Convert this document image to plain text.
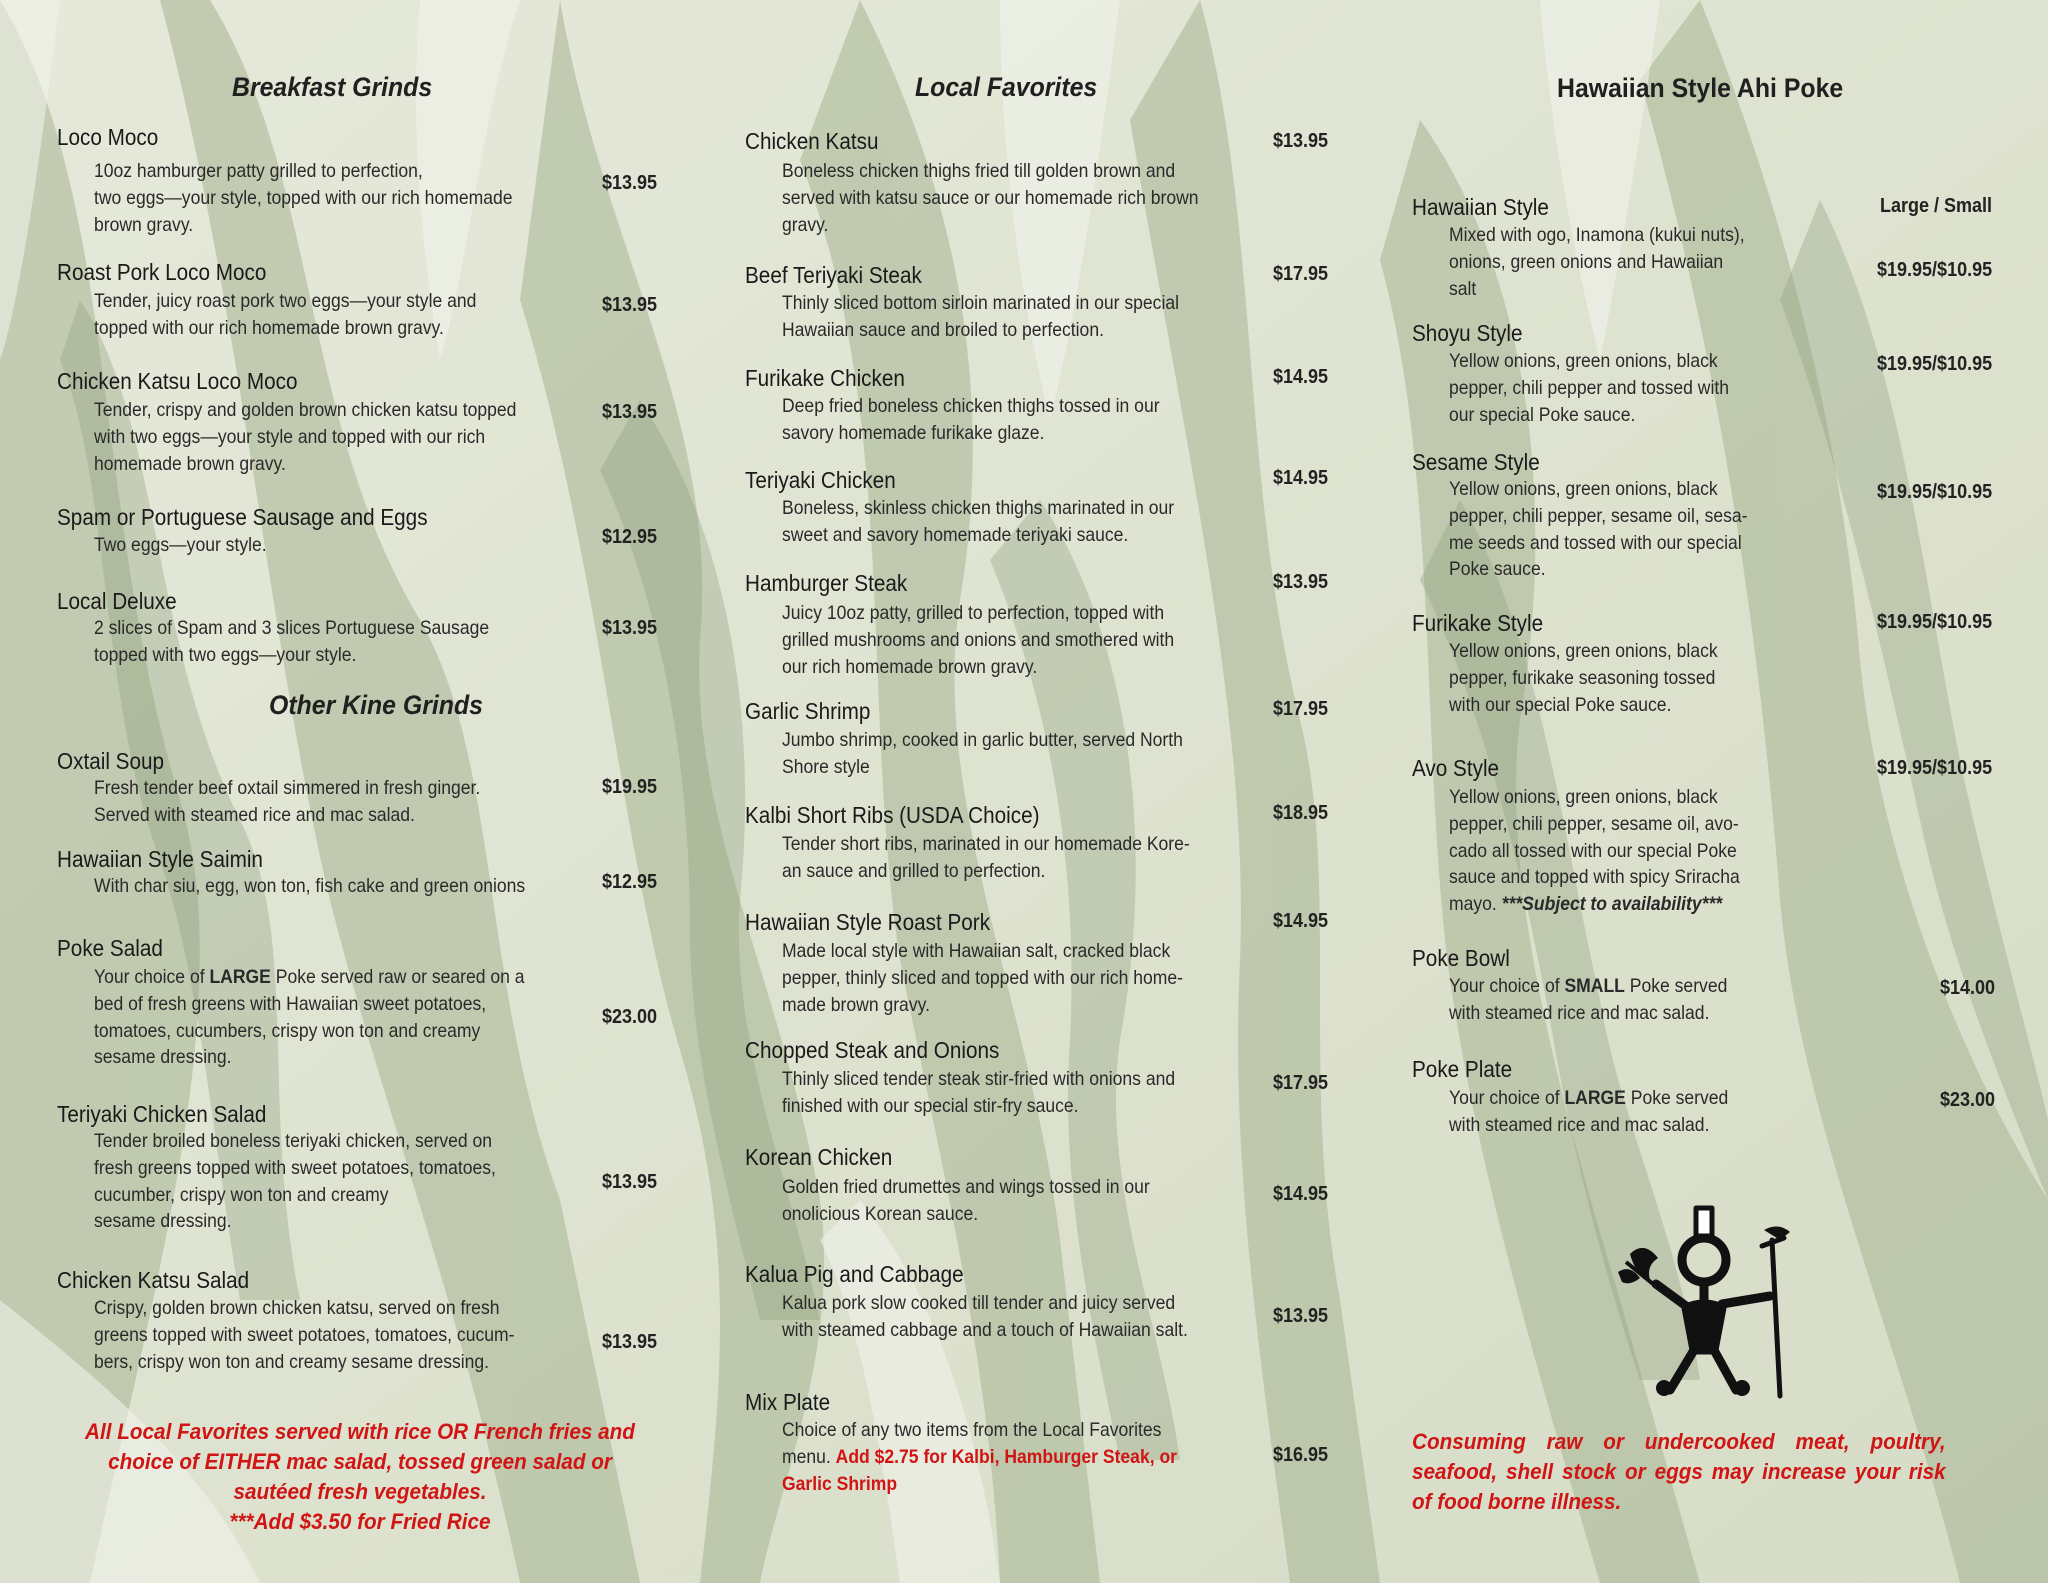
Breakfast Grinds
Loco Moco
10oz hamburger patty grilled to perfection,
two eggs—your style, topped with our rich homemade
brown gravy.
$13.95
Roast Pork Loco Moco
Tender, juicy roast pork two eggs—your style and
topped with our rich homemade brown gravy.
$13.95
Chicken Katsu Loco Moco
Tender, crispy and golden brown chicken katsu topped
with two eggs—your style and topped with our rich
homemade brown gravy.
$13.95
Spam or Portuguese Sausage and Eggs
Two eggs—your style.	$12.95
Local Deluxe
2 slices of Spam and 3 slices Portuguese Sausage
topped with two eggs—your style.
$13.95
Other Kine Grinds
Oxtail Soup
Fresh tender beef oxtail simmered in fresh ginger.
Served with steamed rice and mac salad.
$19.95
Hawaiian Style Saimin
With char siu, egg, won ton, fish cake and green onions	$12.95
Poke Salad
Your choice of LARGE Poke served raw or seared on a
bed of fresh greens with Hawaiian sweet potatoes,
tomatoes, cucumbers, crispy won ton and creamy
sesame dressing.
$23.00
Teriyaki Chicken Salad
Tender broiled boneless teriyaki chicken, served on
fresh greens topped with sweet potatoes, tomatoes,
cucumber, crispy won ton and creamy
sesame dressing.
$13.95
Chicken Katsu Salad
Crispy, golden brown chicken katsu, served on fresh
greens topped with sweet potatoes, tomatoes, cucum-
bers, crispy won ton and creamy sesame dressing.
$13.95
All Local Favorites served with rice OR French fries and
choice of EITHER mac salad, tossed green salad or
sautéed fresh vegetables.
***Add $3.50 for Fried Rice
Local Favorites
Chicken Katsu
Boneless chicken thighs fried till golden brown and
served with katsu sauce or our homemade rich brown
gravy.
$13.95
Beef Teriyaki Steak
Thinly sliced bottom sirloin marinated in our special
Hawaiian sauce and broiled to perfection.
$17.95
Furikake Chicken
Deep fried boneless chicken thighs tossed in our
savory homemade furikake glaze.
$14.95
Teriyaki Chicken
Boneless, skinless chicken thighs marinated in our
sweet and savory homemade teriyaki sauce.
$14.95
Hamburger Steak
Juicy 10oz patty, grilled to perfection, topped with
grilled mushrooms and onions and smothered with
our rich homemade brown gravy.
$13.95
Garlic Shrimp
Jumbo shrimp, cooked in garlic butter, served North
Shore style
$17.95
Kalbi Short Ribs (USDA Choice)
Tender short ribs, marinated in our homemade Kore-
an sauce and grilled to perfection.
$18.95
Hawaiian Style Roast Pork
Made local style with Hawaiian salt, cracked black
pepper, thinly sliced and topped with our rich home-
made brown gravy.
$14.95
Chopped Steak and Onions
Thinly sliced tender steak stir-fried with onions and
finished with our special stir-fry sauce.
$17.95
Korean Chicken
Golden fried drumettes and wings tossed in our
onolicious Korean sauce.
$14.95
Kalua Pig and Cabbage
Kalua pork slow cooked till tender and juicy served
with steamed cabbage and a touch of Hawaiian salt.
$13.95
Mix Plate
Choice of any two items from the Local Favorites
menu. Add $2.75 for Kalbi, Hamburger Steak, or
Garlic Shrimp
$16.95
Hawaiian Style Ahi Poke
Large / Small
Hawaiian Style
Mixed with ogo, Inamona (kukui nuts),
onions, green onions and Hawaiian
salt
$19.95/$10.95
Shoyu Style
Yellow onions, green onions, black
pepper, chili pepper and tossed with
our special Poke sauce.
$19.95/$10.95
Sesame Style
Yellow onions, green onions, black
pepper, chili pepper, sesame oil, sesa-
me seeds and tossed with our special
Poke sauce.
$19.95/$10.95
Furikake Style
Yellow onions, green onions, black
pepper, furikake seasoning tossed
with our special Poke sauce.
$19.95/$10.95
Avo Style
Yellow onions, green onions, black
pepper, chili pepper, sesame oil, avo-
cado all tossed with our special Poke
sauce and topped with spicy Sriracha
mayo. ***Subject to availability***
$19.95/$10.95
Poke Bowl
Your choice of SMALL Poke served
with steamed rice and mac salad.
$14.00
Poke Plate
Your choice of LARGE Poke served
with steamed rice and mac salad.
$23.00
Consuming raw or undercooked meat, poultry, seafood, shell stock or eggs may increase your risk of food borne illness.
